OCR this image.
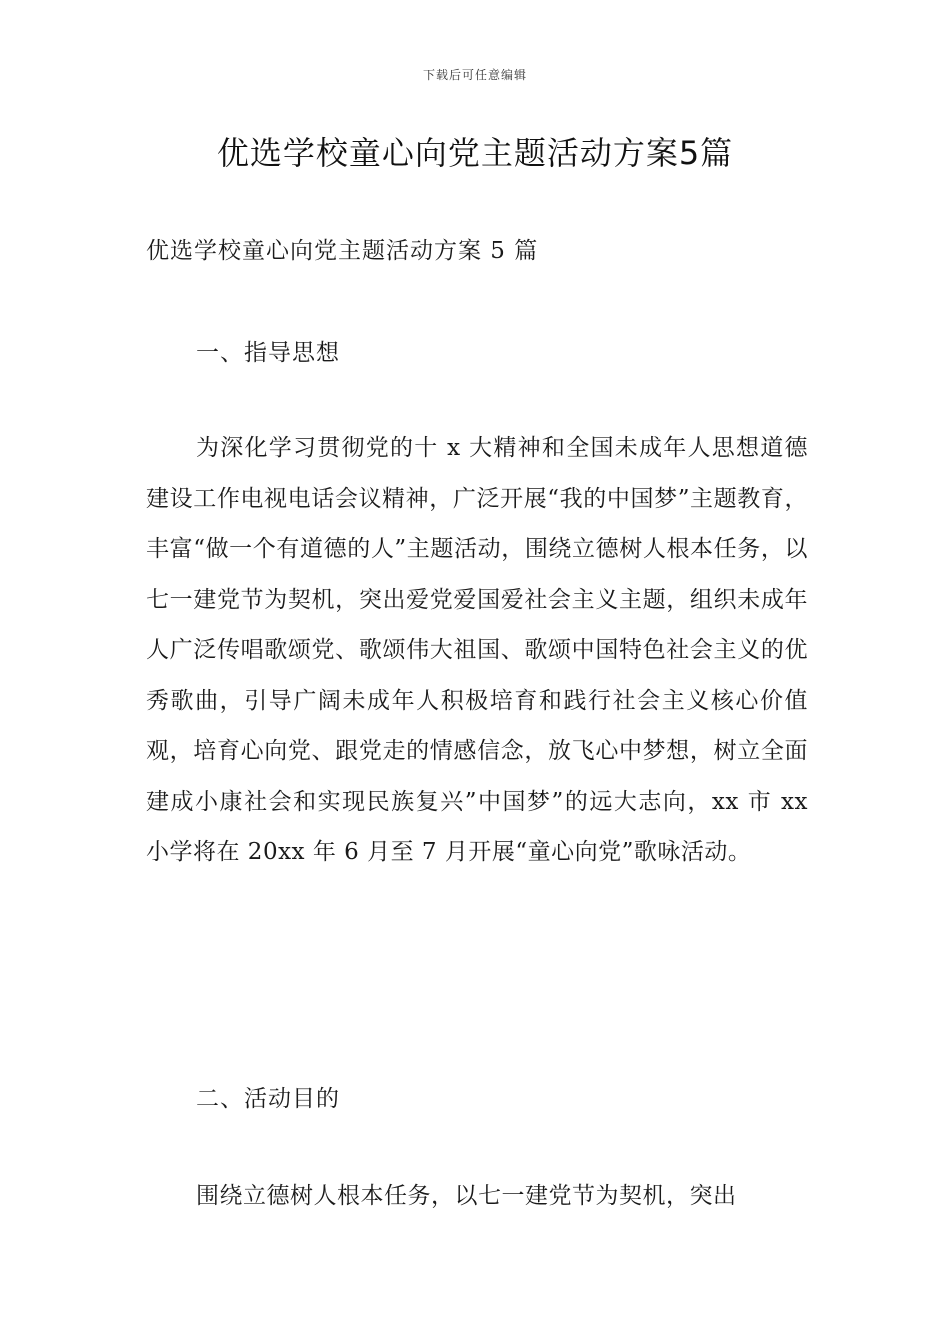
下载后可任意编辑
优选学校童心向党主题活动方案5篇
优选学校童心向党主题活动方案 5 篇
一、指导思想

为深化学习贯彻党的十 x 大精神和全国未成年人思想道德建设工作电视电话会议精神，广泛开展“我的中国梦”主题教育，丰富“做一个有道德的人”主题活动，围绕立德树人根本任务，以七一建党节为契机，突出爱党爱国爱社会主义主题，组织未成年人广泛传唱歌颂党、歌颂伟大祖国、歌颂中国特色社会主义的优秀歌曲，引导广阔未成年人积极培育和践行社会主义核心价值观，培育心向党、跟党走的情感信念，放飞心中梦想，树立全面建成小康社会和实现民族复兴”中国梦”的远大志向，xx 市 xx 小学将在 20xx 年 6 月至 7 月开展“童心向党”歌咏活动。

二、活动目的

围绕立德树人根本任务，以七一建党节为契机，突出
